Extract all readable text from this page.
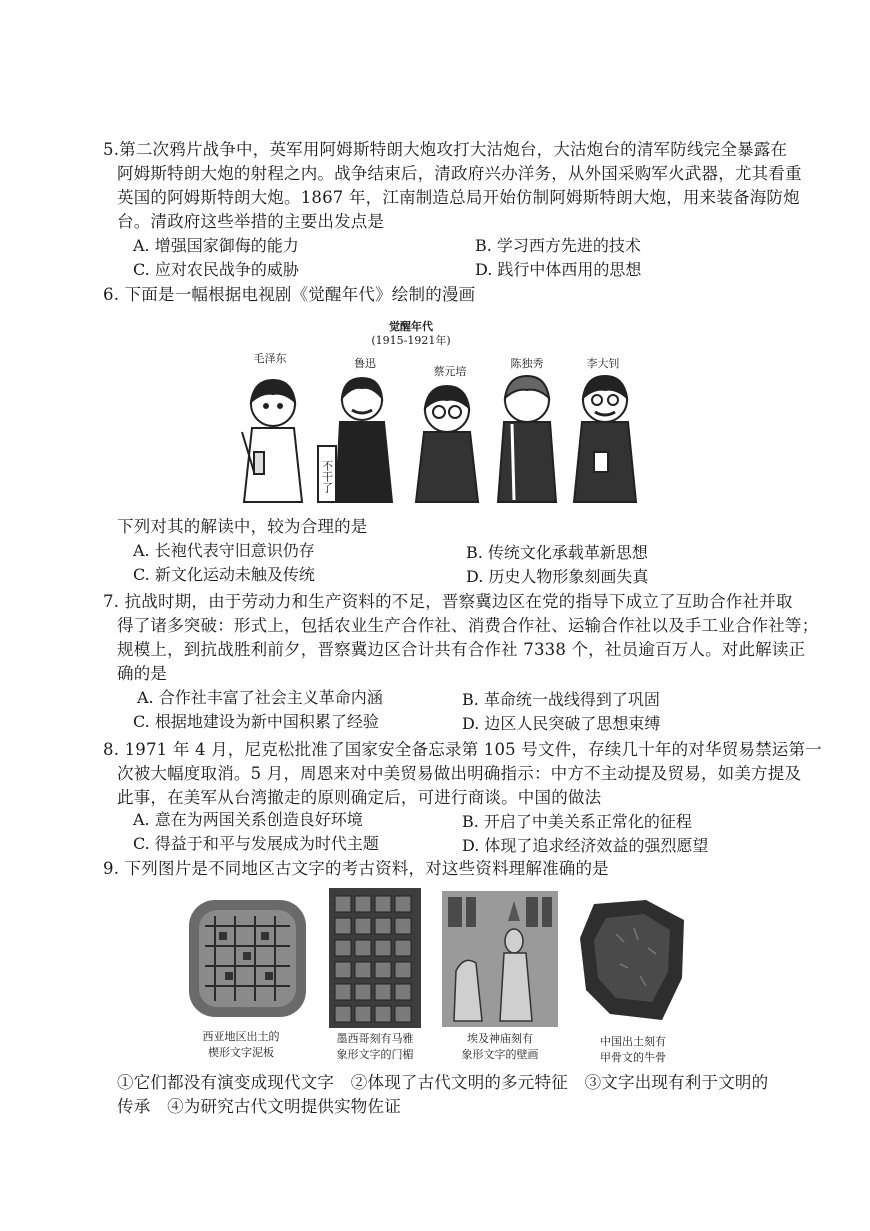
5.第二次鸦片战争中，英军用阿姆斯特朗大炮攻打大沽炮台，大沽炮台的清军防线完全暴露在
阿姆斯特朗大炮的射程之内。战争结束后，清政府兴办洋务，从外国采购军火武器，尤其看重
英国的阿姆斯特朗大炮。1867 年，江南制造总局开始仿制阿姆斯特朗大炮，用来装备海防炮
台。清政府这些举措的主要出发点是
A. 增强国家御侮的能力	B. 学习西方先进的技术
C. 应对农民战争的威胁	D. 践行中体西用的思想
6. 下面是一幅根据电视剧《觉醒年代》绘制的漫画
觉醒年代
(1915-1921年)
毛泽东	鲁迅
蔡元培
陈独秀	李大钊
不干了
下列对其的解读中，较为合理的是
A. 长袍代表守旧意识仍存	B. 传统文化承载革新思想
C. 新文化运动未触及传统	D. 历史人物形象刻画失真
7. 抗战时期，由于劳动力和生产资料的不足，晋察冀边区在党的指导下成立了互助合作社并取
得了诸多突破：形式上，包括农业生产合作社、消费合作社、运输合作社以及手工业合作社等；
规模上，到抗战胜利前夕，晋察冀边区合计共有合作社 7338 个，社员逾百万人。对此解读正
确的是
A. 合作社丰富了社会主义革命内涵	B. 革命统一战线得到了巩固
C. 根据地建设为新中国积累了经验	D. 边区人民突破了思想束缚
8. 1971 年 4 月，尼克松批准了国家安全备忘录第 105 号文件，存续几十年的对华贸易禁运第一
次被大幅度取消。5 月，周恩来对中美贸易做出明确指示：中方不主动提及贸易，如美方提及
此事，在美军从台湾撤走的原则确定后，可进行商谈。中国的做法
A. 意在为两国关系创造良好环境	B. 开启了中美关系正常化的征程
C. 得益于和平与发展成为时代主题	D. 体现了追求经济效益的强烈愿望
9. 下列图片是不同地区古文字的考古资料，对这些资料理解准确的是
西亚地区出土的
楔形文字泥板
墨西哥刻有马雅
象形文字的门楣
埃及神庙刻有
象形文字的壁画
中国出土刻有
甲骨文的牛骨
①它们都没有演变成现代文字　②体现了古代文明的多元特征　③文字出现有利于文明的
传承　④为研究古代文明提供实物佐证
